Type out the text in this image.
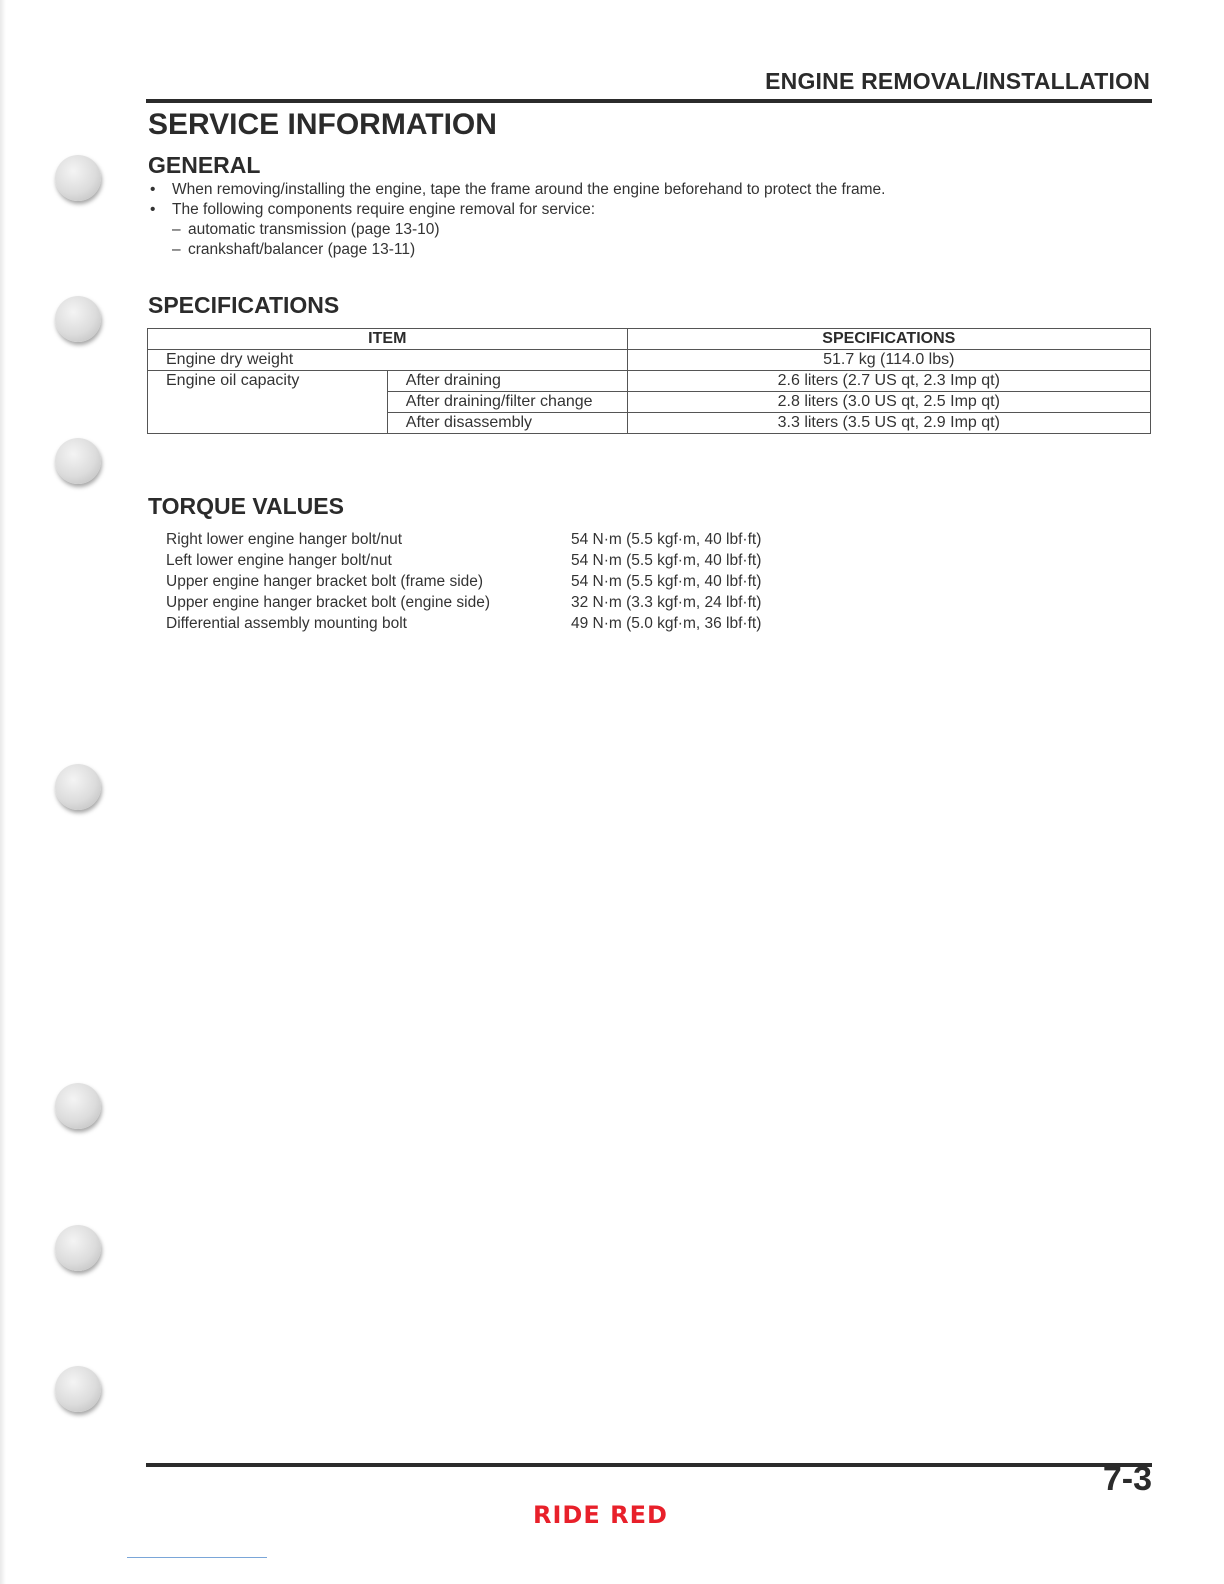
ENGINE REMOVAL/INSTALLATION
SERVICE INFORMATION
GENERAL
• When removing/installing the engine, tape the frame around the engine beforehand to protect the frame.
• The following components require engine removal for service:
– automatic transmission (page 13-10)
– crankshaft/balancer (page 13-11)
SPECIFICATIONS
ITEM		SPECIFICATIONS
Engine dry weight		51.7 kg (114.0 lbs)
Engine oil capacity	After draining	2.6 liters (2.7 US qt, 2.3 Imp qt)
	After draining/filter change	2.8 liters (3.0 US qt, 2.5 Imp qt)
	After disassembly	3.3 liters (3.5 US qt, 2.9 Imp qt)
TORQUE VALUES
Right lower engine hanger bolt/nut	54 N·m (5.5 kgf·m, 40 lbf·ft)
Left lower engine hanger bolt/nut	54 N·m (5.5 kgf·m, 40 lbf·ft)
Upper engine hanger bracket bolt (frame side)	54 N·m (5.5 kgf·m, 40 lbf·ft)
Upper engine hanger bracket bolt (engine side)	32 N·m (3.3 kgf·m, 24 lbf·ft)
Differential assembly mounting bolt	49 N·m (5.0 kgf·m, 36 lbf·ft)
7-3
RIDE RED
